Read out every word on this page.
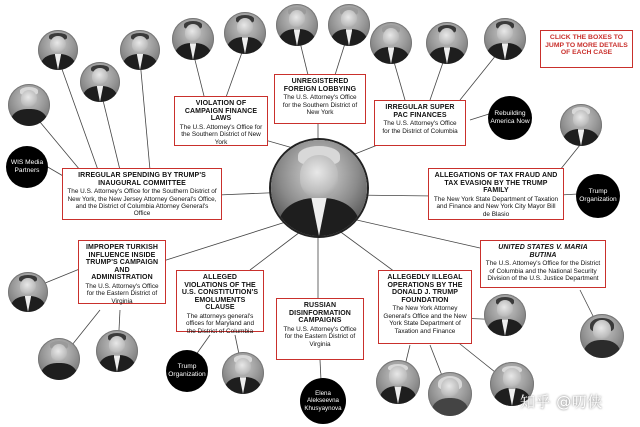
WIS Media Partners
Rebuilding America Now
Trump Organization
Trump Organization
Elena Alekseevna Khusyaynova
VIOLATION OF CAMPAIGN FINANCE LAWS
The U.S. Attorney's Office for the Southern District of New York
UNREGISTERED FOREIGN LOBBYING
The U.S. Attorney's Office for the Southern District of New York
IRREGULAR SUPER PAC FINANCES
The U.S. Attorney's Office for the District of Columbia
IRREGULAR SPENDING BY TRUMP'S INAUGURAL COMMITTEE
The U.S. Attorney's Office for the Southern District of New York, the New Jersey Attorney General's Office, and the District of Columbia Attorney General's Office
ALLEGATIONS OF TAX FRAUD AND TAX EVASION BY THE TRUMP FAMILY
The New York State Department of Taxation and Finance and New York City Mayor Bill de Blasio
IMPROPER TURKISH INFLUENCE INSIDE TRUMP'S CAMPAIGN AND ADMINISTRATION
The U.S. Attorney's Office for the Eastern District of Virginia
UNITED STATES V. MARIA BUTINA
The U.S. Attorney's Office for the District of Columbia and the National Security Division of the U.S. Justice Department
ALLEGED VIOLATIONS OF THE U.S. CONSTITUTION'S EMOLUMENTS CLAUSE
The attorneys general's offices for Maryland and the District of Columbia
RUSSIAN DISINFORMATION CAMPAIGNS
The U.S. Attorney's Office for the Eastern District of Virginia
ALLEGEDLY ILLEGAL OPERATIONS BY THE DONALD J. TRUMP FOUNDATION
The New York Attorney General's Office and the New York State Department of Taxation and Finance
CLICK THE BOXES TO JUMP TO MORE DETAILS OF EACH CASE
知乎 @叨侠
